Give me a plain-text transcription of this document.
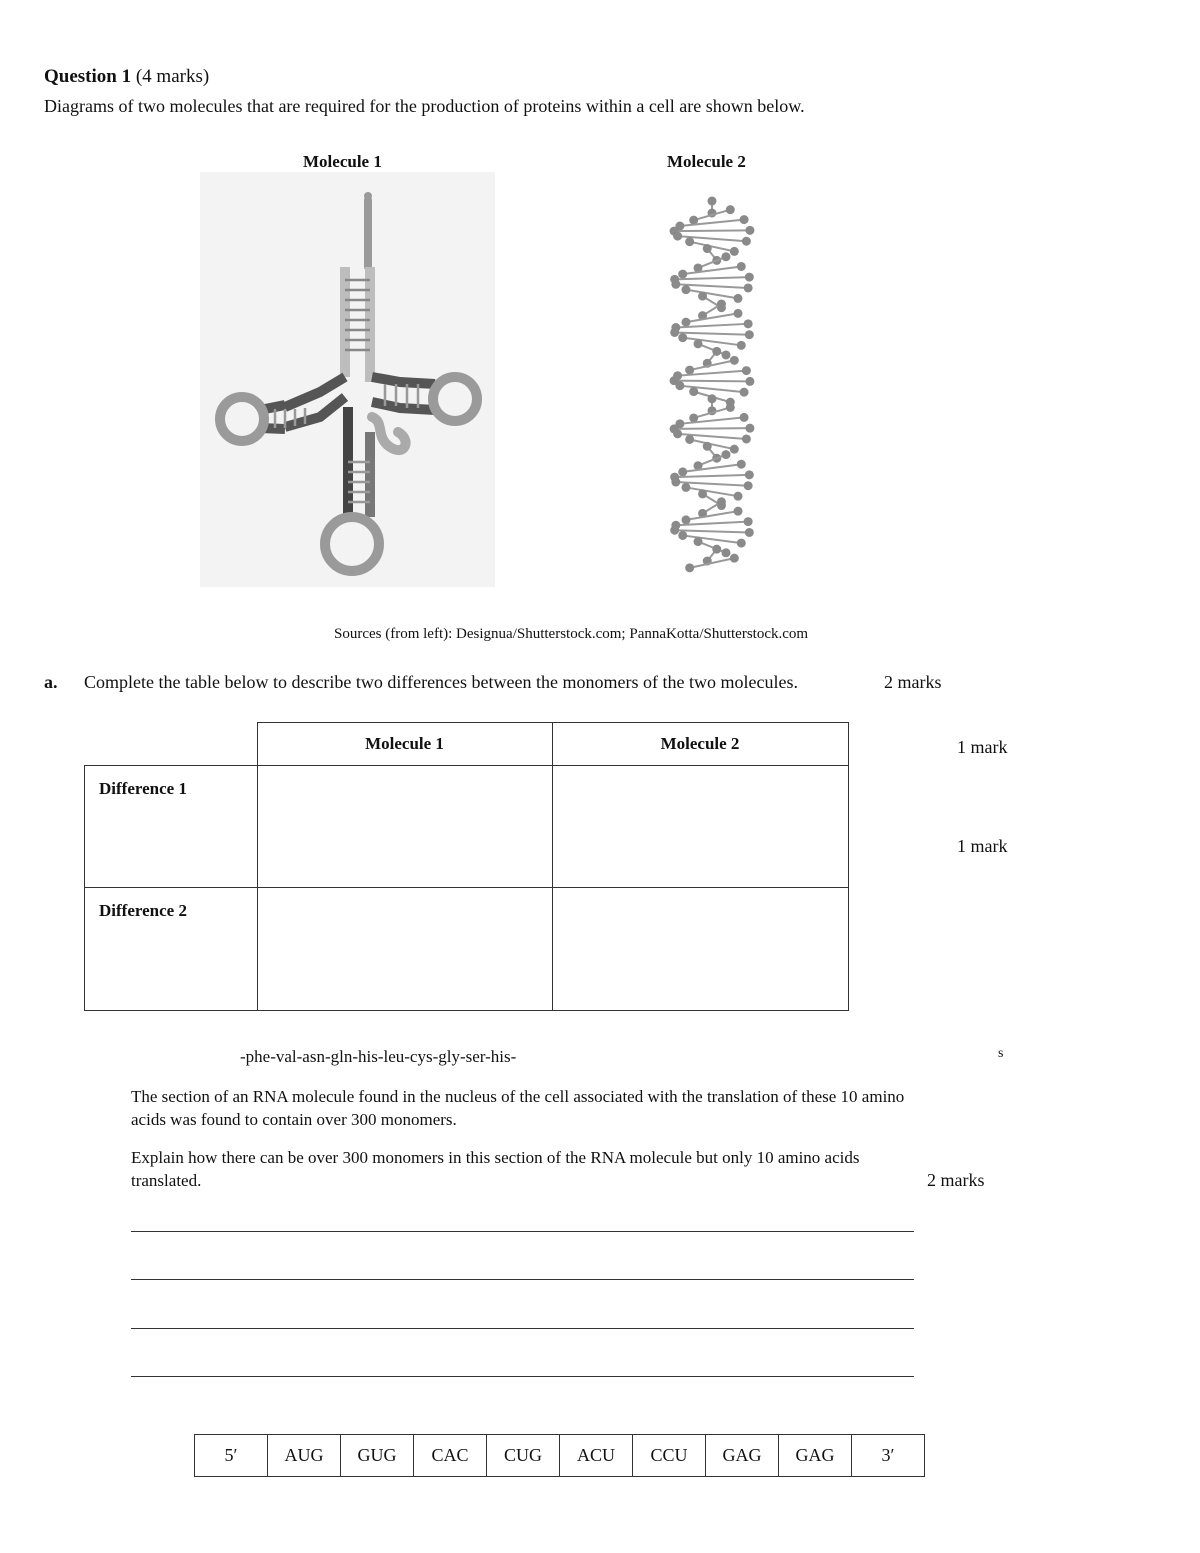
Question 1 (4 marks)
Diagrams of two molecules that are required for the production of proteins within a cell are shown below.
Molecule 1	Molecule 2
Sources (from left): Designua/Shutterstock.com; PannaKotta/Shutterstock.com
a. Complete the table below to describe two differences between the monomers of the two molecules.	2 marks
	Molecule 1	Molecule 2
Difference 1		
Difference 2		
1 mark
1 mark
-phe-val-asn-gln-his-leu-cys-gly-ser-his-	s
The section of an RNA molecule found in the nucleus of the cell associated with the translation of these 10 amino acids was found to contain over 300 monomers.
Explain how there can be over 300 monomers in this section of the RNA molecule but only 10 amino acids translated.	2 marks
5′	AUG	GUG	CAC	CUG	ACU	CCU	GAG	GAG	3′
